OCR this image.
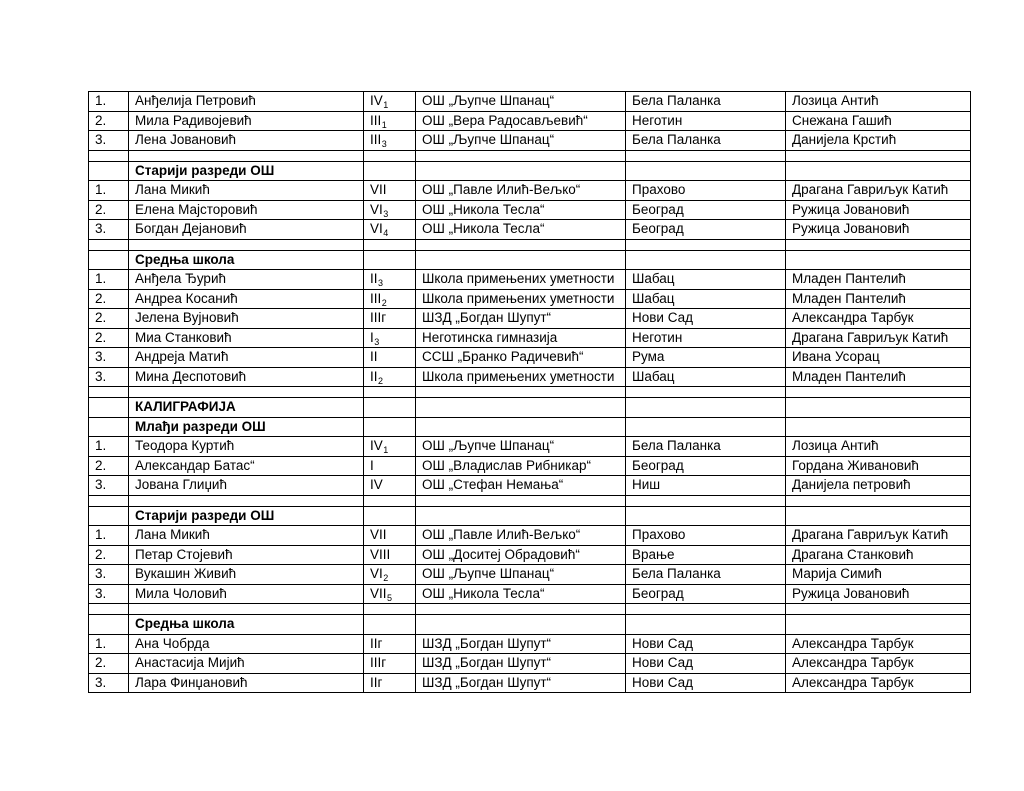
1.	Анђелија Петровић	$IV_1$	ОШ „Љупче Шпанац“	Бела Паланка	Лозица Антић
2.	Мила Радивојевић	$III_1$	ОШ „Вера Радосављевић“	Неготин	Снежана Гашић
3.	Лена Јовановић	$III_3$	ОШ „Љупче Шпанац“	Бела Паланка	Данијела Крстић

	Старији разреди ОШ				
1.	Лана Микић	VII	ОШ „Павле Илић-Вељко“	Прахово	Драгана Гавриљук Катић
2.	Елена Мајсторовић	$VI_3$	ОШ „Никола Тесла“	Београд	Ружица Јовановић
3.	Богдан Дејановић	$VI_4$	ОШ „Никола Тесла“	Београд	Ружица Јовановић

	Средња школа				
1.	Анђела Ђурић	$II_3$	Школа примењених уметности	Шабац	Младен Пантелић
2.	Андреа Косанић	$III_2$	Школа примењених уметности	Шабац	Младен Пантелић
2.	Јелена Вујновић	IIIг	ШЗД „Богдан Шупут“	Нови Сад	Александра Тарбук
2.	Миа Станковић	$I_3$	Неготинска гимназија	Неготин	Драгана Гавриљук Катић
3.	Андреја Матић	II	ССШ „Бранко Радичевић“	Рума	Ивана Усорац
3.	Мина Деспотовић	$II_2$	Школа примењених уметности	Шабац	Младен Пантелић

	КАЛИГРАФИЈА				
	Млађи разреди ОШ				
1.	Теодора Куртић	$IV_1$	ОШ „Љупче Шпанац“	Бела Паланка	Лозица Антић
2.	Александар Батас“	I	ОШ „Владислав Рибникар“	Београд	Гордана Живановић
3.	Јована Глиџић	IV	ОШ „Стефан Немања“	Ниш	Данијела петровић

	Старији разреди ОШ				
1.	Лана Микић	VII	ОШ „Павле Илић-Вељко“	Прахово	Драгана Гавриљук Катић
2.	Петар Стојевић	VIII	ОШ „Доситеј Обрадовић“	Врање	Драгана Станковић
3.	Вукашин Живић	$VI_2$	ОШ „Љупче Шпанац“	Бела Паланка	Марија Симић
3.	Мила Чоловић	$VII_5$	ОШ „Никола Тесла“	Београд	Ружица Јовановић

	Средња школа				
1.	Ана Чобрда	IIг	ШЗД „Богдан Шупут“	Нови Сад	Александра Тарбук
2.	Анастасија Мијић	IIIг	ШЗД „Богдан Шупут“	Нови Сад	Александра Тарбук
3.	Лара Финџановић	IIг	ШЗД „Богдан Шупут“	Нови Сад	Александра Тарбук
